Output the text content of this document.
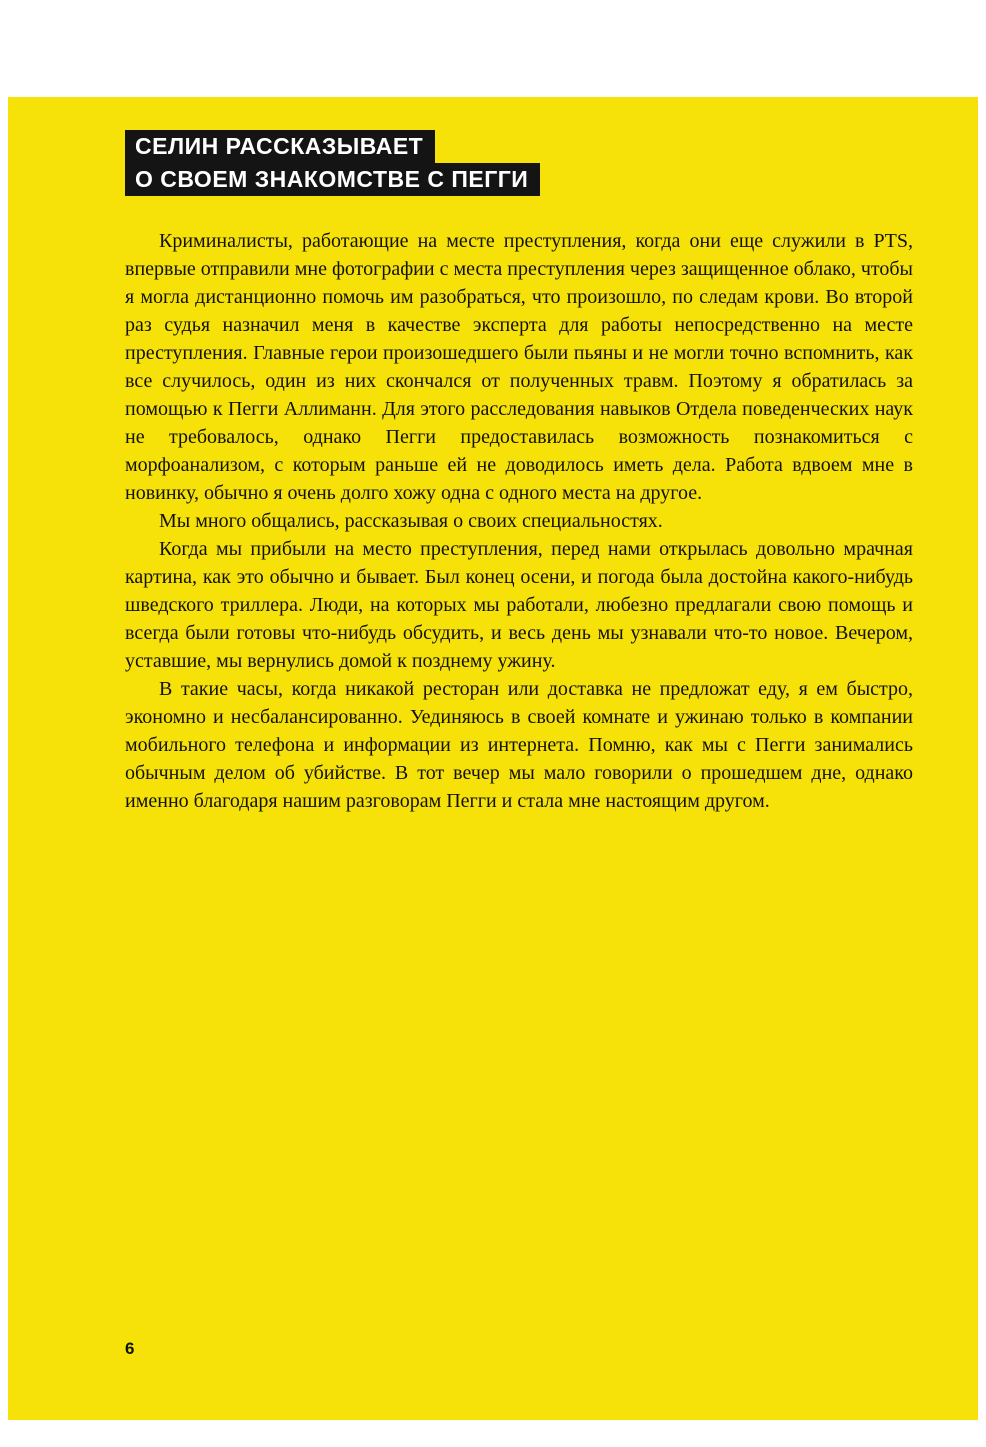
СЕЛИН РАССКАЗЫВАЕТ
О СВОЕМ ЗНАКОМСТВЕ С ПЕГГИ

Криминалисты, работающие на месте преступления, когда они еще служили в PTS, впервые отправили мне фотографии с места преступления через защищенное облако, чтобы я могла дистанционно помочь им разобраться, что произошло, по следам крови. Во второй раз судья назначил меня в качестве эксперта для работы непосредственно на месте преступления. Главные герои произошедшего были пьяны и не могли точно вспомнить, как все случилось, один из них скончался от полученных травм. Поэтому я обратилась за помощью к Пегги Аллиманн. Для этого расследования навыков Отдела поведенческих наук не требовалось, однако Пегги предоставилась возможность познакомиться с морфоанализом, с которым раньше ей не доводилось иметь дела. Работа вдвоем мне в новинку, обычно я очень долго хожу одна с одного места на другое.

Мы много общались, рассказывая о своих специальностях.

Когда мы прибыли на место преступления, перед нами открылась довольно мрачная картина, как это обычно и бывает. Был конец осени, и погода была достойна какого-нибудь шведского триллера. Люди, на которых мы работали, любезно предлагали свою помощь и всегда были готовы что-нибудь обсудить, и весь день мы узнавали что-то новое. Вечером, уставшие, мы вернулись домой к позднему ужину.

В такие часы, когда никакой ресторан или доставка не предложат еду, я ем быстро, экономно и несбалансированно. Уединяюсь в своей комнате и ужинаю только в компании мобильного телефона и информации из интернета. Помню, как мы с Пегги занимались обычным делом об убийстве. В тот вечер мы мало говорили о прошедшем дне, однако именно благодаря нашим разговорам Пегги и стала мне настоящим другом.

6
